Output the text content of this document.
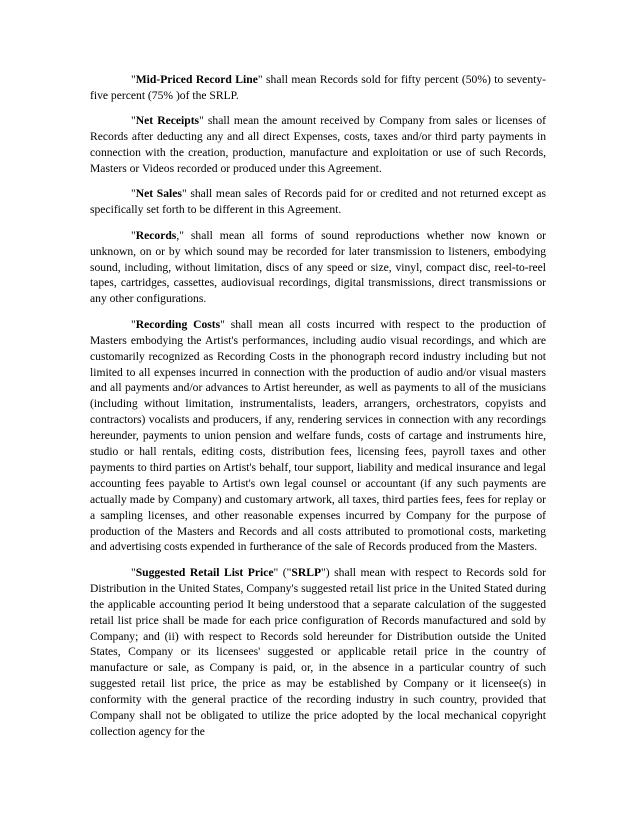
"Mid-Priced Record Line" shall mean Records sold for fifty percent (50%) to seventy-five percent (75% )of the SRLP.

"Net Receipts" shall mean the amount received by Company from sales or licenses of Records after deducting any and all direct Expenses, costs, taxes and/or third party payments in connection with the creation, production, manufacture and exploitation or use of such Records, Masters or Videos recorded or produced under this Agreement.

"Net Sales" shall mean sales of Records paid for or credited and not returned except as specifically set forth to be different in this Agreement.

"Records," shall mean all forms of sound reproductions whether now known or unknown, on or by which sound may be recorded for later transmission to listeners, embodying sound, including, without limitation, discs of any speed or size, vinyl, compact disc, reel-to-reel tapes, cartridges, cassettes, audiovisual recordings, digital transmissions, direct transmissions or any other configurations.

"Recording Costs" shall mean all costs incurred with respect to the production of Masters embodying the Artist's performances, including audio visual recordings, and which are customarily recognized as Recording Costs in the phonograph record industry including but not limited to all expenses incurred in connection with the production of audio and/or visual masters and all payments and/or advances to Artist hereunder, as well as payments to all of the musicians (including without limitation, instrumentalists, leaders, arrangers, orchestrators, copyists and contractors) vocalists and producers, if any, rendering services in connection with any recordings hereunder, payments to union pension and welfare funds, costs of cartage and instruments hire, studio or hall rentals, editing costs, distribution fees, licensing fees, payroll taxes and other payments to third parties on Artist's behalf, tour support, liability and medical insurance and legal accounting fees payable to Artist's own legal counsel or accountant (if any such payments are actually made by Company) and customary artwork, all taxes, third parties fees, fees for replay or a sampling licenses, and other reasonable expenses incurred by Company for the purpose of production of the Masters and Records and all costs attributed to promotional costs, marketing and advertising costs expended in furtherance of the sale of Records produced from the Masters.

"Suggested Retail List Price" ("SRLP") shall mean with respect to Records sold for Distribution in the United States, Company's suggested retail list price in the United Stated during the applicable accounting period It being understood that a separate calculation of the suggested retail list price shall be made for each price configuration of Records manufactured and sold by Company; and (ii) with respect to Records sold hereunder for Distribution outside the United States, Company or its licensees' suggested or applicable retail price in the country of manufacture or sale, as Company is paid, or, in the absence in a particular country of such suggested retail list price, the price as may be established by Company or it licensee(s) in conformity with the general practice of the recording industry in such country, provided that Company shall not be obligated to utilize the price adopted by the local mechanical copyright collection agency for the
